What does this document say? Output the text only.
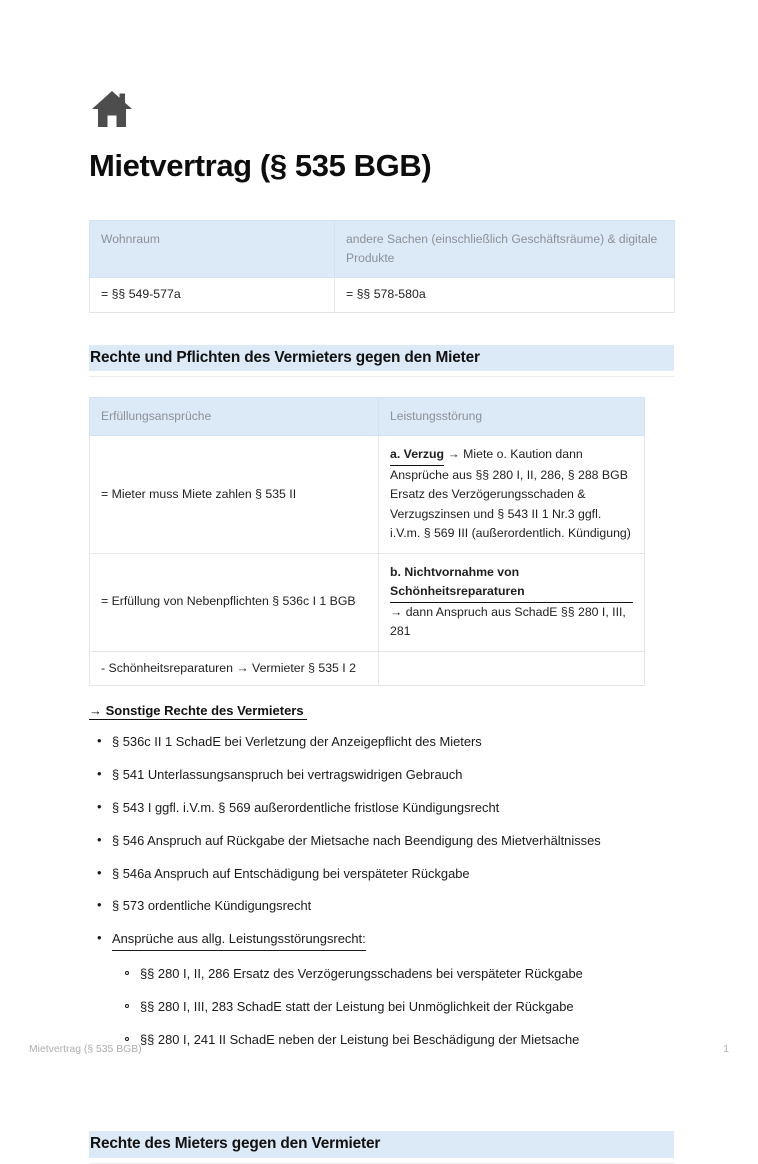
Mietvertrag (§ 535 BGB)
Wohnraum	andere Sachen (einschließlich Geschäftsräume) & digitale Produkte
= §§ 549-577a	= §§ 578-580a
Rechte und Pflichten des Vermieters gegen den Mieter
Erfüllungsansprüche	Leistungsstörung
= Mieter muss Miete zahlen § 535 II	a. Verzug → Miete o. Kaution dann Ansprüche aus §§ 280 I, II, 286, § 288 BGB Ersatz des Verzögerungsschaden & Verzugszinsen und § 543 II 1 Nr.3 ggfl. i.V.m. § 569 III (außerordentlich. Kündigung)
= Erfüllung von Nebenpflichten § 536c I 1 BGB	b. Nichtvornahme von Schönheitsreparaturen → dann Anspruch aus SchadE §§ 280 I, III, 281
- Schönheitsreparaturen → Vermieter § 535 I 2	
→ Sonstige Rechte des Vermieters
• § 536c II 1 SchadE bei Verletzung der Anzeigepflicht des Mieters
• § 541 Unterlassungsanspruch bei vertragswidrigen Gebrauch
• § 543 I ggfl. i.V.m. § 569 außerordentliche fristlose Kündigungsrecht
• § 546 Anspruch auf Rückgabe der Mietsache nach Beendigung des Mietverhältnisses
• § 546a Anspruch auf Entschädigung bei verspäteter Rückgabe
• § 573 ordentliche Kündigungsrecht
• Ansprüche aus allg. Leistungsstörungsrecht:
§§ 280 I, II, 286 Ersatz des Verzögerungsschadens bei verspäteter Rückgabe
§§ 280 I, III, 283 SchadE statt der Leistung bei Unmöglichkeit der Rückgabe
§§ 280 I, 241 II SchadE neben der Leistung bei Beschädigung der Mietsache
Rechte des Mieters gegen den Vermieter
Mietvertrag (§ 535 BGB)	1
